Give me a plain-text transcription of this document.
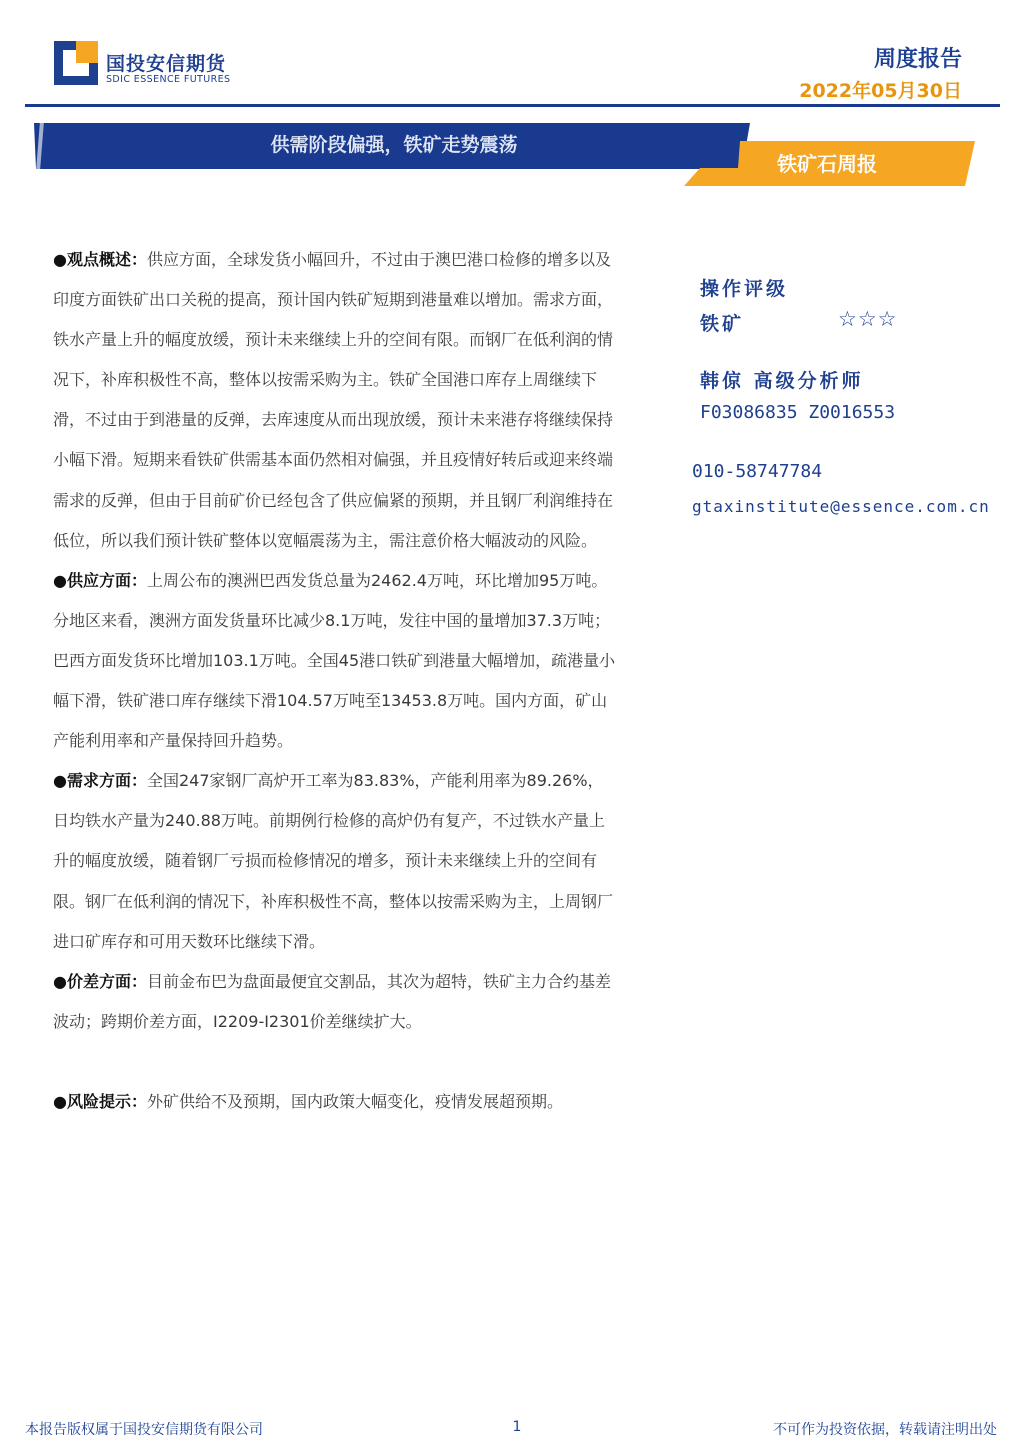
国投安信期货
SDIC ESSENCE FUTURES
周度报告
2022年05月30日
供需阶段偏强，铁矿走势震荡
铁矿石周报

●观点概述：供应方面，全球发货小幅回升，不过由于澳巴港口检修的增多以及印度方面铁矿出口关税的提高，预计国内铁矿短期到港量难以增加。需求方面，铁水产量上升的幅度放缓，预计未来继续上升的空间有限。而钢厂在低利润的情况下，补库积极性不高，整体以按需采购为主。铁矿全国港口库存上周继续下滑，不过由于到港量的反弹，去库速度从而出现放缓，预计未来港存将继续保持小幅下滑。短期来看铁矿供需基本面仍然相对偏强，并且疫情好转后或迎来终端需求的反弹，但由于目前矿价已经包含了供应偏紧的预期，并且钢厂利润维持在低位，所以我们预计铁矿整体以宽幅震荡为主，需注意价格大幅波动的风险。

●供应方面：上周公布的澳洲巴西发货总量为2462.4万吨，环比增加95万吨。分地区来看，澳洲方面发货量环比减少8.1万吨，发往中国的量增加37.3万吨；巴西方面发货环比增加103.1万吨。全国45港口铁矿到港量大幅增加，疏港量小幅下滑，铁矿港口库存继续下滑104.57万吨至13453.8万吨。国内方面，矿山产能利用率和产量保持回升趋势。

●需求方面：全国247家钢厂高炉开工率为83.83%，产能利用率为89.26%，日均铁水产量为240.88万吨。前期例行检修的高炉仍有复产，不过铁水产量上升的幅度放缓，随着钢厂亏损而检修情况的增多，预计未来继续上升的空间有限。钢厂在低利润的情况下，补库积极性不高，整体以按需采购为主，上周钢厂进口矿库存和可用天数环比继续下滑。

●价差方面：目前金布巴为盘面最便宜交割品，其次为超特，铁矿主力合约基差波动；跨期价差方面，I2209-I2301价差继续扩大。

●风险提示：外矿供给不及预期，国内政策大幅变化，疫情发展超预期。

操作评级
铁矿	☆☆☆
韩倞 高级分析师
F03086835 Z0016553
010-58747784
gtaxinstitute@essence.com.cn
本报告版权属于国投安信期货有限公司	1	不可作为投资依据，转载请注明出处
